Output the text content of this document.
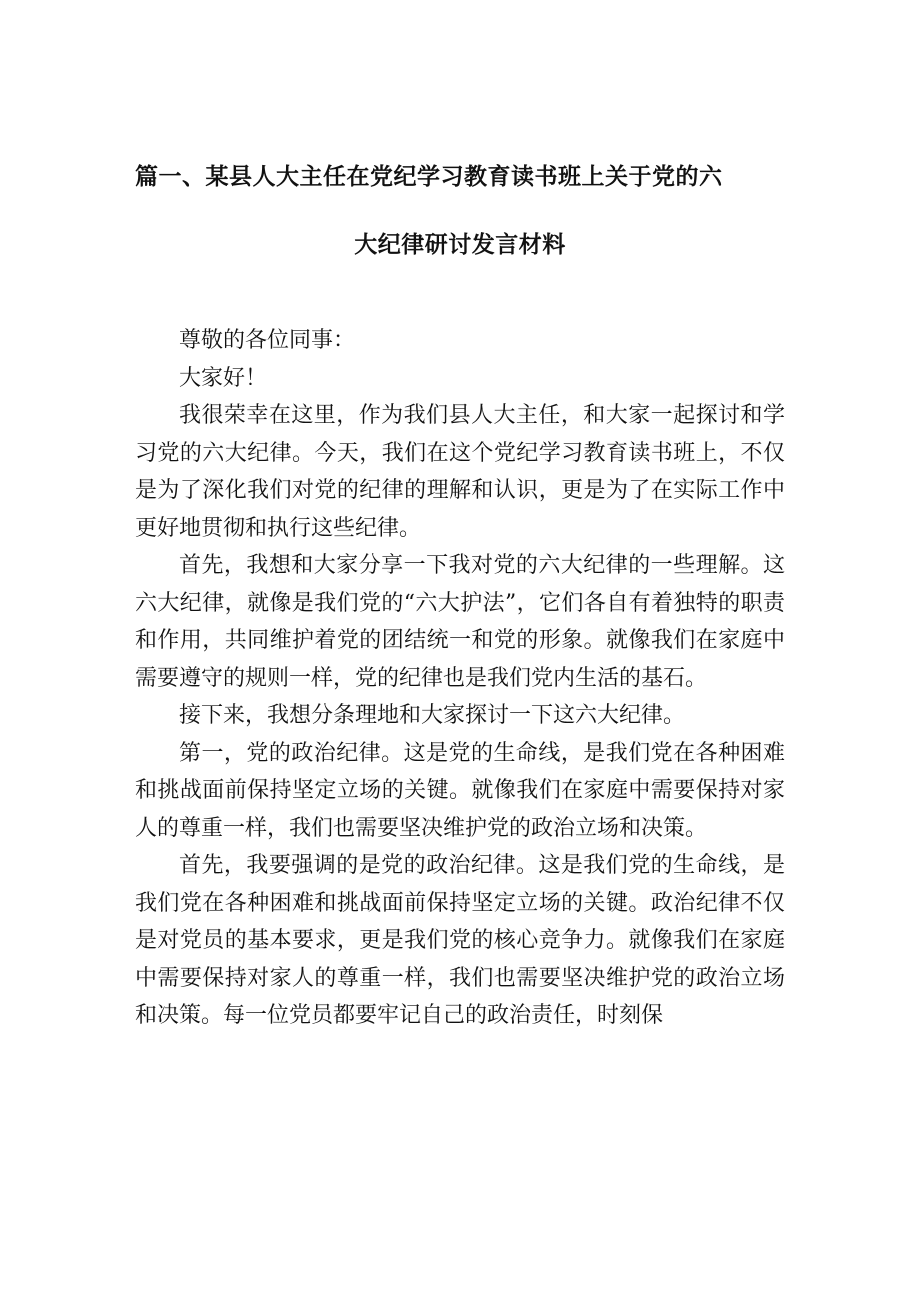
篇一、某县人大主任在党纪学习教育读书班上关于党的六
大纪律研讨发言材料

尊敬的各位同事：

大家好！

我很荣幸在这里，作为我们县人大主任，和大家一起探讨和学习党的六大纪律。今天，我们在这个党纪学习教育读书班上，不仅是为了深化我们对党的纪律的理解和认识，更是为了在实际工作中更好地贯彻和执行这些纪律。

首先，我想和大家分享一下我对党的六大纪律的一些理解。这六大纪律，就像是我们党的“六大护法”，它们各自有着独特的职责和作用，共同维护着党的团结统一和党的形象。就像我们在家庭中需要遵守的规则一样，党的纪律也是我们党内生活的基石。

接下来，我想分条理地和大家探讨一下这六大纪律。

第一，党的政治纪律。这是党的生命线，是我们党在各种困难和挑战面前保持坚定立场的关键。就像我们在家庭中需要保持对家人的尊重一样，我们也需要坚决维护党的政治立场和决策。

首先，我要强调的是党的政治纪律。这是我们党的生命线，是我们党在各种困难和挑战面前保持坚定立场的关键。政治纪律不仅是对党员的基本要求，更是我们党的核心竞争力。就像我们在家庭中需要保持对家人的尊重一样，我们也需要坚决维护党的政治立场和决策。每一位党员都要牢记自己的政治责任，时刻保
